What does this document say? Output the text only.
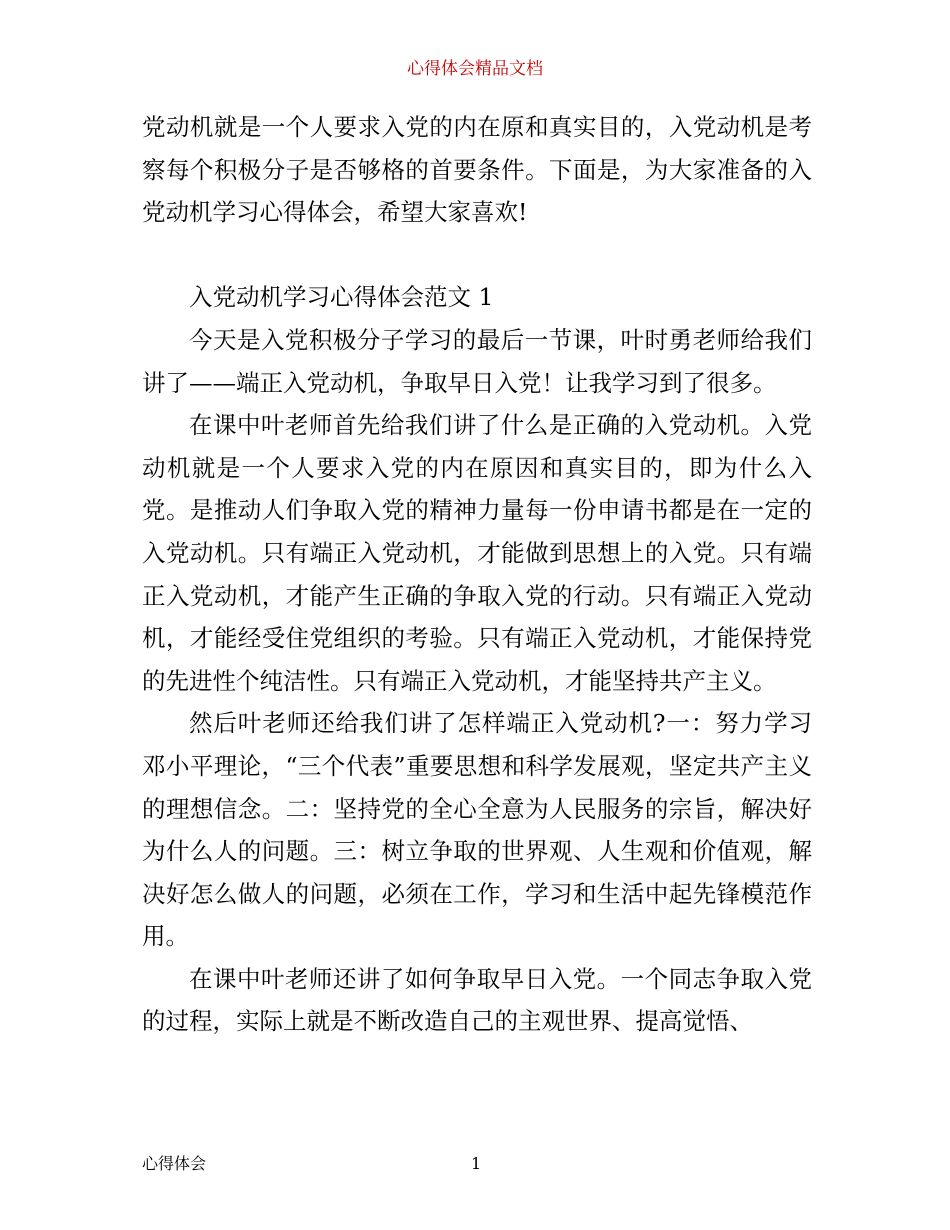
心得体会精品文档

党动机就是一个人要求入党的内在原和真实目的，入党动机是考察每个积极分子是否够格的首要条件。下面是，为大家准备的入党动机学习心得体会，希望大家喜欢!

入党动机学习心得体会范文 1

今天是入党积极分子学习的最后一节课，叶时勇老师给我们讲了——端正入党动机，争取早日入党！让我学习到了很多。

在课中叶老师首先给我们讲了什么是正确的入党动机。入党动机就是一个人要求入党的内在原因和真实目的，即为什么入党。是推动人们争取入党的精神力量每一份申请书都是在一定的入党动机。只有端正入党动机，才能做到思想上的入党。只有端正入党动机，才能产生正确的争取入党的行动。只有端正入党动机，才能经受住党组织的考验。只有端正入党动机，才能保持党的先进性个纯洁性。只有端正入党动机，才能坚持共产主义。

然后叶老师还给我们讲了怎样端正入党动机?一：努力学习邓小平理论，“三个代表”重要思想和科学发展观，坚定共产主义的理想信念。二：坚持党的全心全意为人民服务的宗旨，解决好为什么人的问题。三：树立争取的世界观、人生观和价值观，解决好怎么做人的问题，必须在工作，学习和生活中起先锋模范作用。

在课中叶老师还讲了如何争取早日入党。一个同志争取入党的过程，实际上就是不断改造自己的主观世界、提高觉悟、

心得体会	1
